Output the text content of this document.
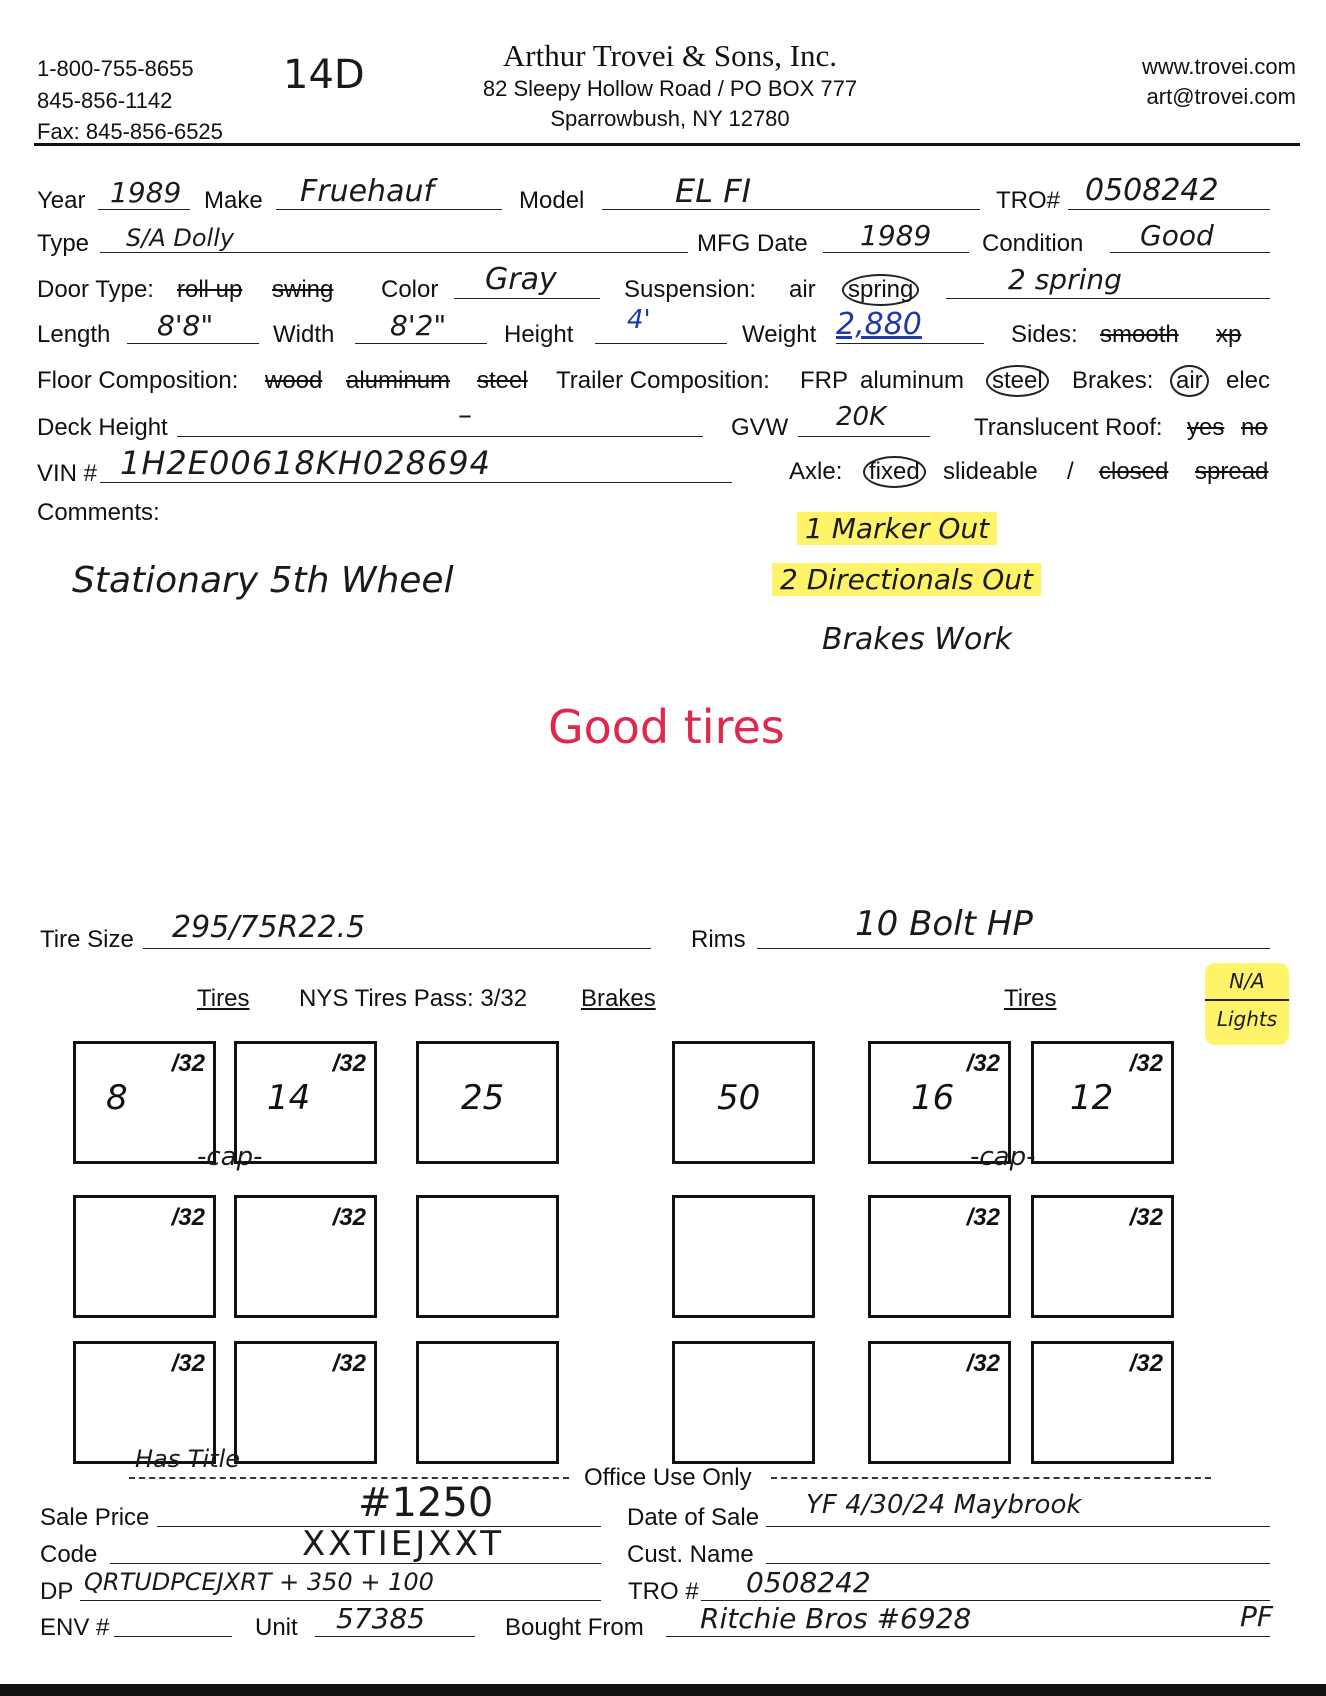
1-800-755-8655
845-856-1142
Fax: 845-856-6525
14D	Arthur Trovei & Sons, Inc.
82 Sleepy Hollow Road / PO BOX 777
Sparrowbush, NY 12780
www.trovei.com
art@trovei.com
Year 1989 Make Fruehauf	Model	EL FI	TRO# 0508242
Type S/A Dolly	MFG Date 1989 Condition Good
Door Type: roll up swing Color Gray	Suspension: air spring	2 spring
Length 8'8" Width 8'2" Height 4'	Weight 2,880	Sides: smooth xp
Floor Composition: wood aluminum steel Trailer Composition: FRP aluminum steel Brakes: air elec
Deck Height	–	GVW 20K	Translucent Roof: yes no
VIN # 1H2E00618KH028694	Axle: fixed slideable / closed spread
Comments:
Stationary 5th Wheel
1 Marker Out
2 Directionals Out
Brakes Work
Good tires
Tire Size 295/75R22.5	Rims	10 Bolt HP
Tires NYS Tires Pass: 3/32 Brakes	Tires
N/A
Lights
/32
8
/32
14	25	50
/32
16
/32
12
-cap-	-cap-
/32	/32	/32	/32
/32	/32	/32	/32
Has Title
Office Use Only
Sale Price	#1250	Date of Sale YF 4/30/24 Maybrook
Code	XXTIEJXXT	Cust. Name
DP QRTUDPCEJXRT + 350 + 100	TRO # 0508242
ENV #	Unit 57385	Bought From Ritchie Bros #6928	PF
